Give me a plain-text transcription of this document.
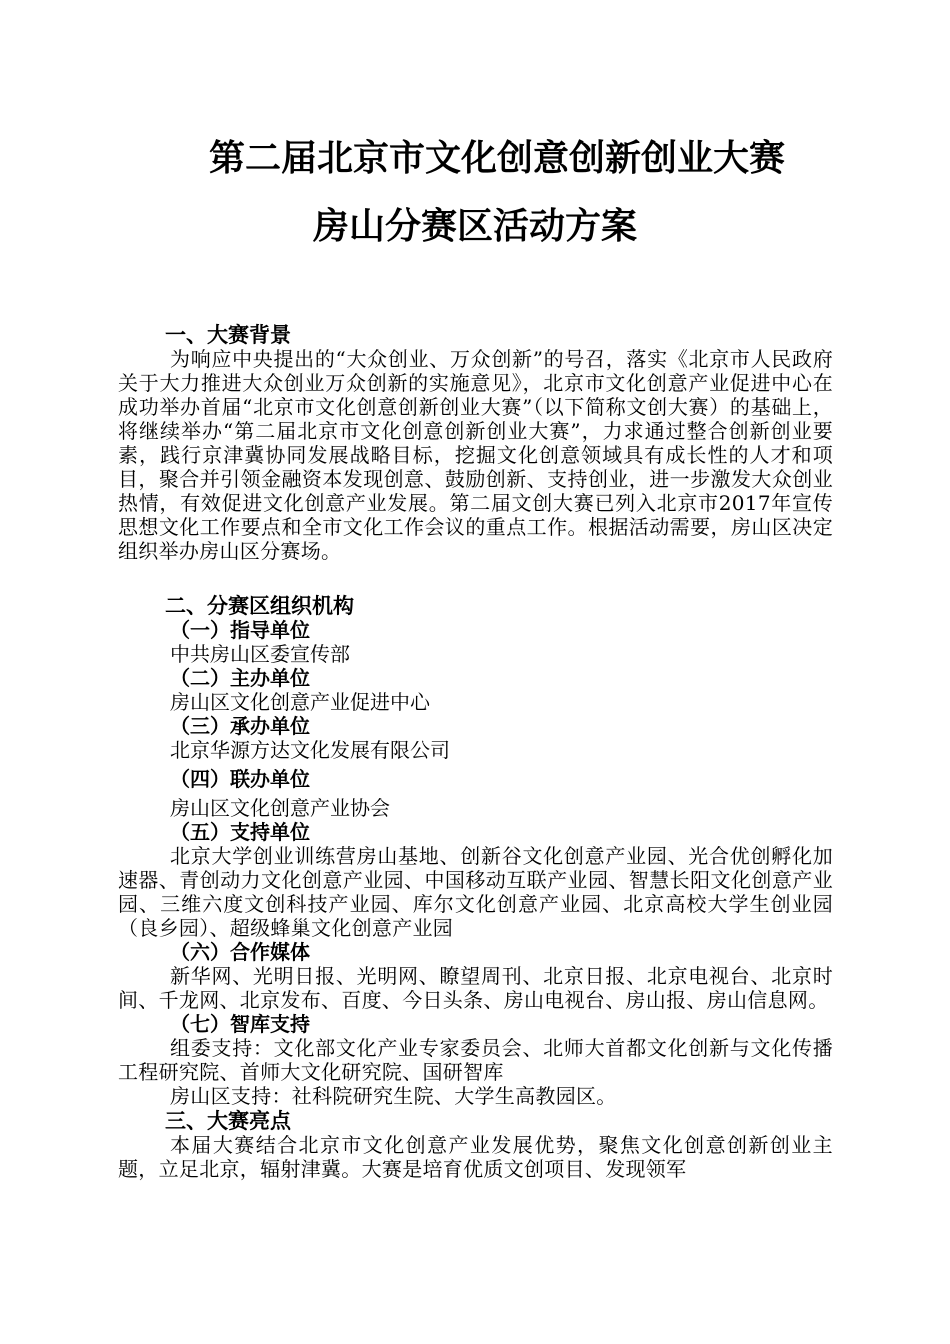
第二届北京市文化创意创新创业大赛
房山分赛区活动方案
一、大赛背景
为响应中央提出的“大众创业、万众创新”的号召，落实《北京市人民政府关于大力推进大众创业万众创新的实施意见》，北京市文化创意产业促进中心在成功举办首届“北京市文化创意创新创业大赛”（以下简称文创大赛）的基础上，将继续举办“第二届北京市文化创意创新创业大赛”，力求通过整合创新创业要素，践行京津冀协同发展战略目标，挖掘文化创意领域具有成长性的人才和项目，聚合并引领金融资本发现创意、鼓励创新、支持创业，进一步激发大众创业热情，有效促进文化创意产业发展。第二届文创大赛已列入北京市2017年宣传思想文化工作要点和全市文化工作会议的重点工作。根据活动需要，房山区决定组织举办房山区分赛场。
二、分赛区组织机构
（一）指导单位
中共房山区委宣传部
（二）主办单位
房山区文化创意产业促进中心
（三）承办单位
北京华源方达文化发展有限公司
（四）联办单位
房山区文化创意产业协会
（五）支持单位
北京大学创业训练营房山基地、创新谷文化创意产业园、光合优创孵化加速器、青创动力文化创意产业园、中国移动互联产业园、智慧长阳文化创意产业园、三维六度文创科技产业园、库尔文化创意产业园、北京高校大学生创业园（良乡园）、超级蜂巢文化创意产业园
（六）合作媒体
新华网、光明日报、光明网、瞭望周刊、北京日报、北京电视台、北京时间、千龙网、北京发布、百度、今日头条、房山电视台、房山报、房山信息网。
（七）智库支持
组委支持：文化部文化产业专家委员会、北师大首都文化创新与文化传播工程研究院、首师大文化研究院、国研智库
房山区支持：社科院研究生院、大学生高教园区。
三、大赛亮点
本届大赛结合北京市文化创意产业发展优势，聚焦文化创意创新创业主题，立足北京，辐射津冀。大赛是培育优质文创项目、发现领军
